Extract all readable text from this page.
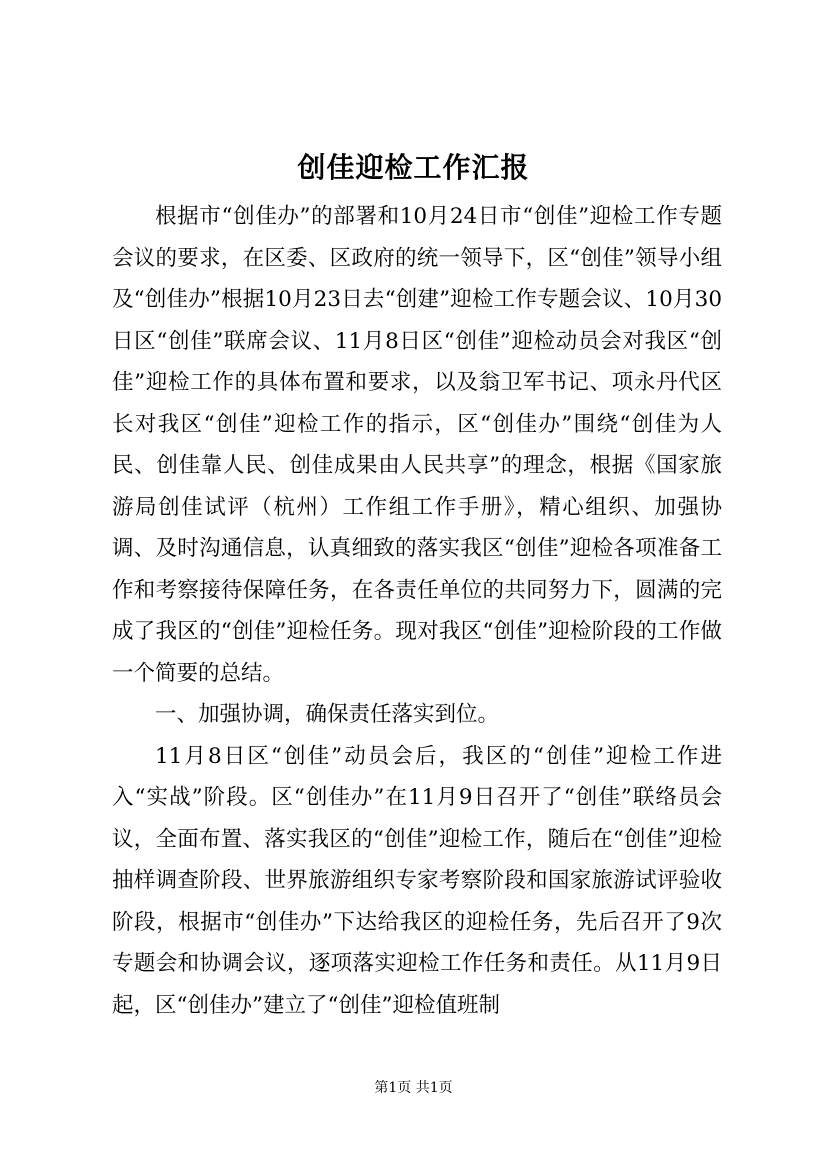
创佳迎检工作汇报

根据市“创佳办”的部署和10月24日市“创佳”迎检工作专题会议的要求，在区委、区政府的统一领导下，区“创佳”领导小组及“创佳办”根据10月23日去“创建”迎检工作专题会议、10月30日区“创佳”联席会议、11月8日区“创佳”迎检动员会对我区“创佳”迎检工作的具体布置和要求，以及翁卫军书记、项永丹代区长对我区“创佳”迎检工作的指示，区“创佳办”围绕“创佳为人民、创佳靠人民、创佳成果由人民共享”的理念，根据《国家旅游局创佳试评（杭州）工作组工作手册》，精心组织、加强协调、及时沟通信息，认真细致的落实我区“创佳”迎检各项准备工作和考察接待保障任务，在各责任单位的共同努力下，圆满的完成了我区的“创佳”迎检任务。现对我区“创佳”迎检阶段的工作做一个简要的总结。

一、加强协调，确保责任落实到位。

11月8日区“创佳”动员会后，我区的“创佳”迎检工作进入“实战”阶段。区“创佳办”在11月9日召开了“创佳”联络员会议，全面布置、落实我区的“创佳”迎检工作，随后在“创佳”迎检抽样调查阶段、世界旅游组织专家考察阶段和国家旅游试评验收阶段，根据市“创佳办”下达给我区的迎检任务，先后召开了9次专题会和协调会议，逐项落实迎检工作任务和责任。从11月9日起，区“创佳办”建立了“创佳”迎检值班制

第1页 共1页
